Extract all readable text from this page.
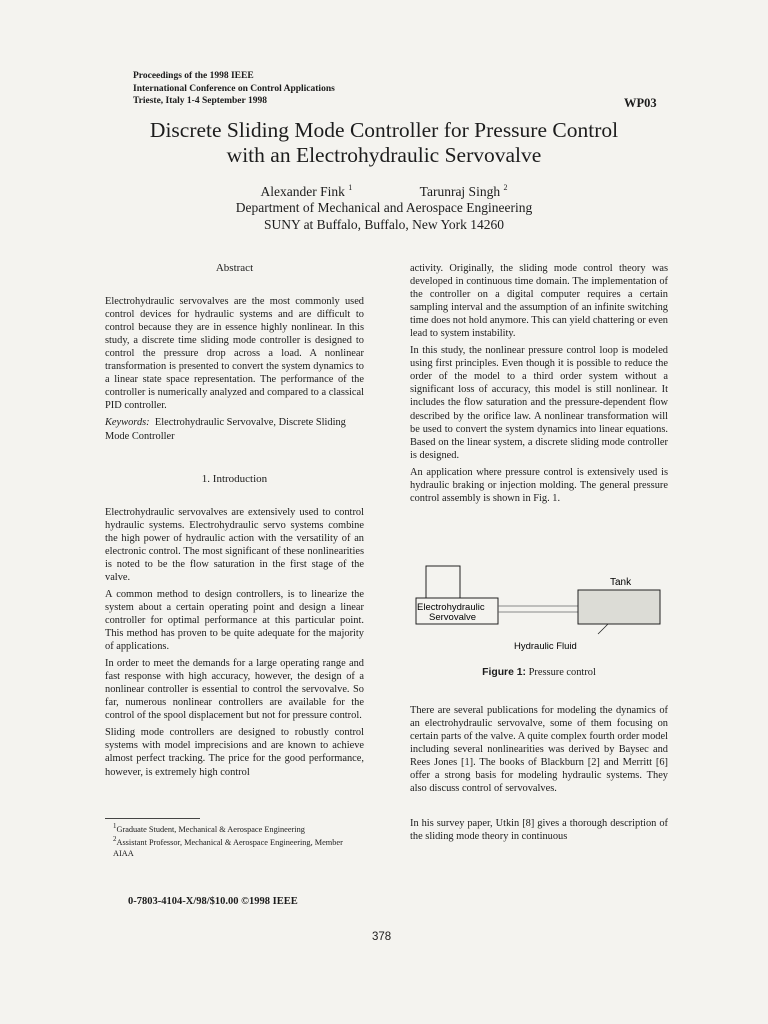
Proceedings of the 1998 IEEE
International Conference on Control Applications
Trieste, Italy 1-4 September 1998	WP03
Discrete Sliding Mode Controller for Pressure Control
with an Electrohydraulic Servovalve
Alexander Fink $^1$	Tarunraj Singh $^2$
Department of Mechanical and Aerospace Engineering
SUNY at Buffalo, Buffalo, New York 14260

Abstract

Electrohydraulic servovalves are the most commonly used control devices for hydraulic systems and are difficult to control because they are in essence highly nonlinear. In this study, a discrete time sliding mode controller is designed to control the pressure drop across a load. A nonlinear transformation is presented to convert the system dynamics to a linear state space representation. The performance of the controller is numerically analyzed and compared to a classical PID controller.

Keywords: Electrohydraulic Servovalve, Discrete Sliding Mode Controller

1. Introduction

Electrohydraulic servovalves are extensively used to control hydraulic systems. Electrohydraulic servo systems combine the high power of hydraulic action with the versatility of an electronic control. The most significant of these nonlinearities is noted to be the flow saturation in the first stage of the valve.

A common method to design controllers, is to linearize the system about a certain operating point and design a linear controller for optimal performance at this particular point. This method has proven to be quite adequate for the majority of applications.

In order to meet the demands for a large operating range and fast response with high accuracy, however, the design of a nonlinear controller is essential to control the servovalve. So far, numerous nonlinear controllers are available for the control of the spool displacement but not for pressure control.

Sliding mode controllers are designed to robustly control systems with model imprecisions and are known to achieve almost perfect tracking. The price for the good performance, however, is extremely high control

$^1$Graduate Student, Mechanical & Aerospace Engineering
$^2$Assistant Professor, Mechanical & Aerospace Engineering, Member AIAA
0-7803-4104-X/98/$10.00 ©1998 IEEE
378

activity. Originally, the sliding mode control theory was developed in continuous time domain. The implementation of the controller on a digital computer requires a certain sampling interval and the assumption of an infinite switching time does not hold anymore. This can yield chattering or even lead to system instability.

In this study, the nonlinear pressure control loop is modeled using first principles. Even though it is possible to reduce the order of the model to a third order system without a significant loss of accuracy, this model is still nonlinear. It includes the flow saturation and the pressure-dependent flow described by the orifice law. A nonlinear transformation will be used to convert the system dynamics into linear equations. Based on the linear system, a discrete sliding mode controller is designed.

An application where pressure control is extensively used is hydraulic braking or injection molding. The general pressure control assembly is shown in Fig. 1.

Tank
Electrohydraulic
Servovalve
Hydraulic Fluid
Figure 1: Pressure control

There are several publications for modeling the dynamics of an electrohydraulic servovalve, some of them focusing on certain parts of the valve. A quite complex fourth order model including several nonlinearities was derived by Baysec and Rees Jones [1]. The books of Blackburn [2] and Merritt [6] offer a strong basis for modeling hydraulic systems. They also discuss control of servovalves.

In his survey paper, Utkin [8] gives a thorough description of the sliding mode theory in continuous
